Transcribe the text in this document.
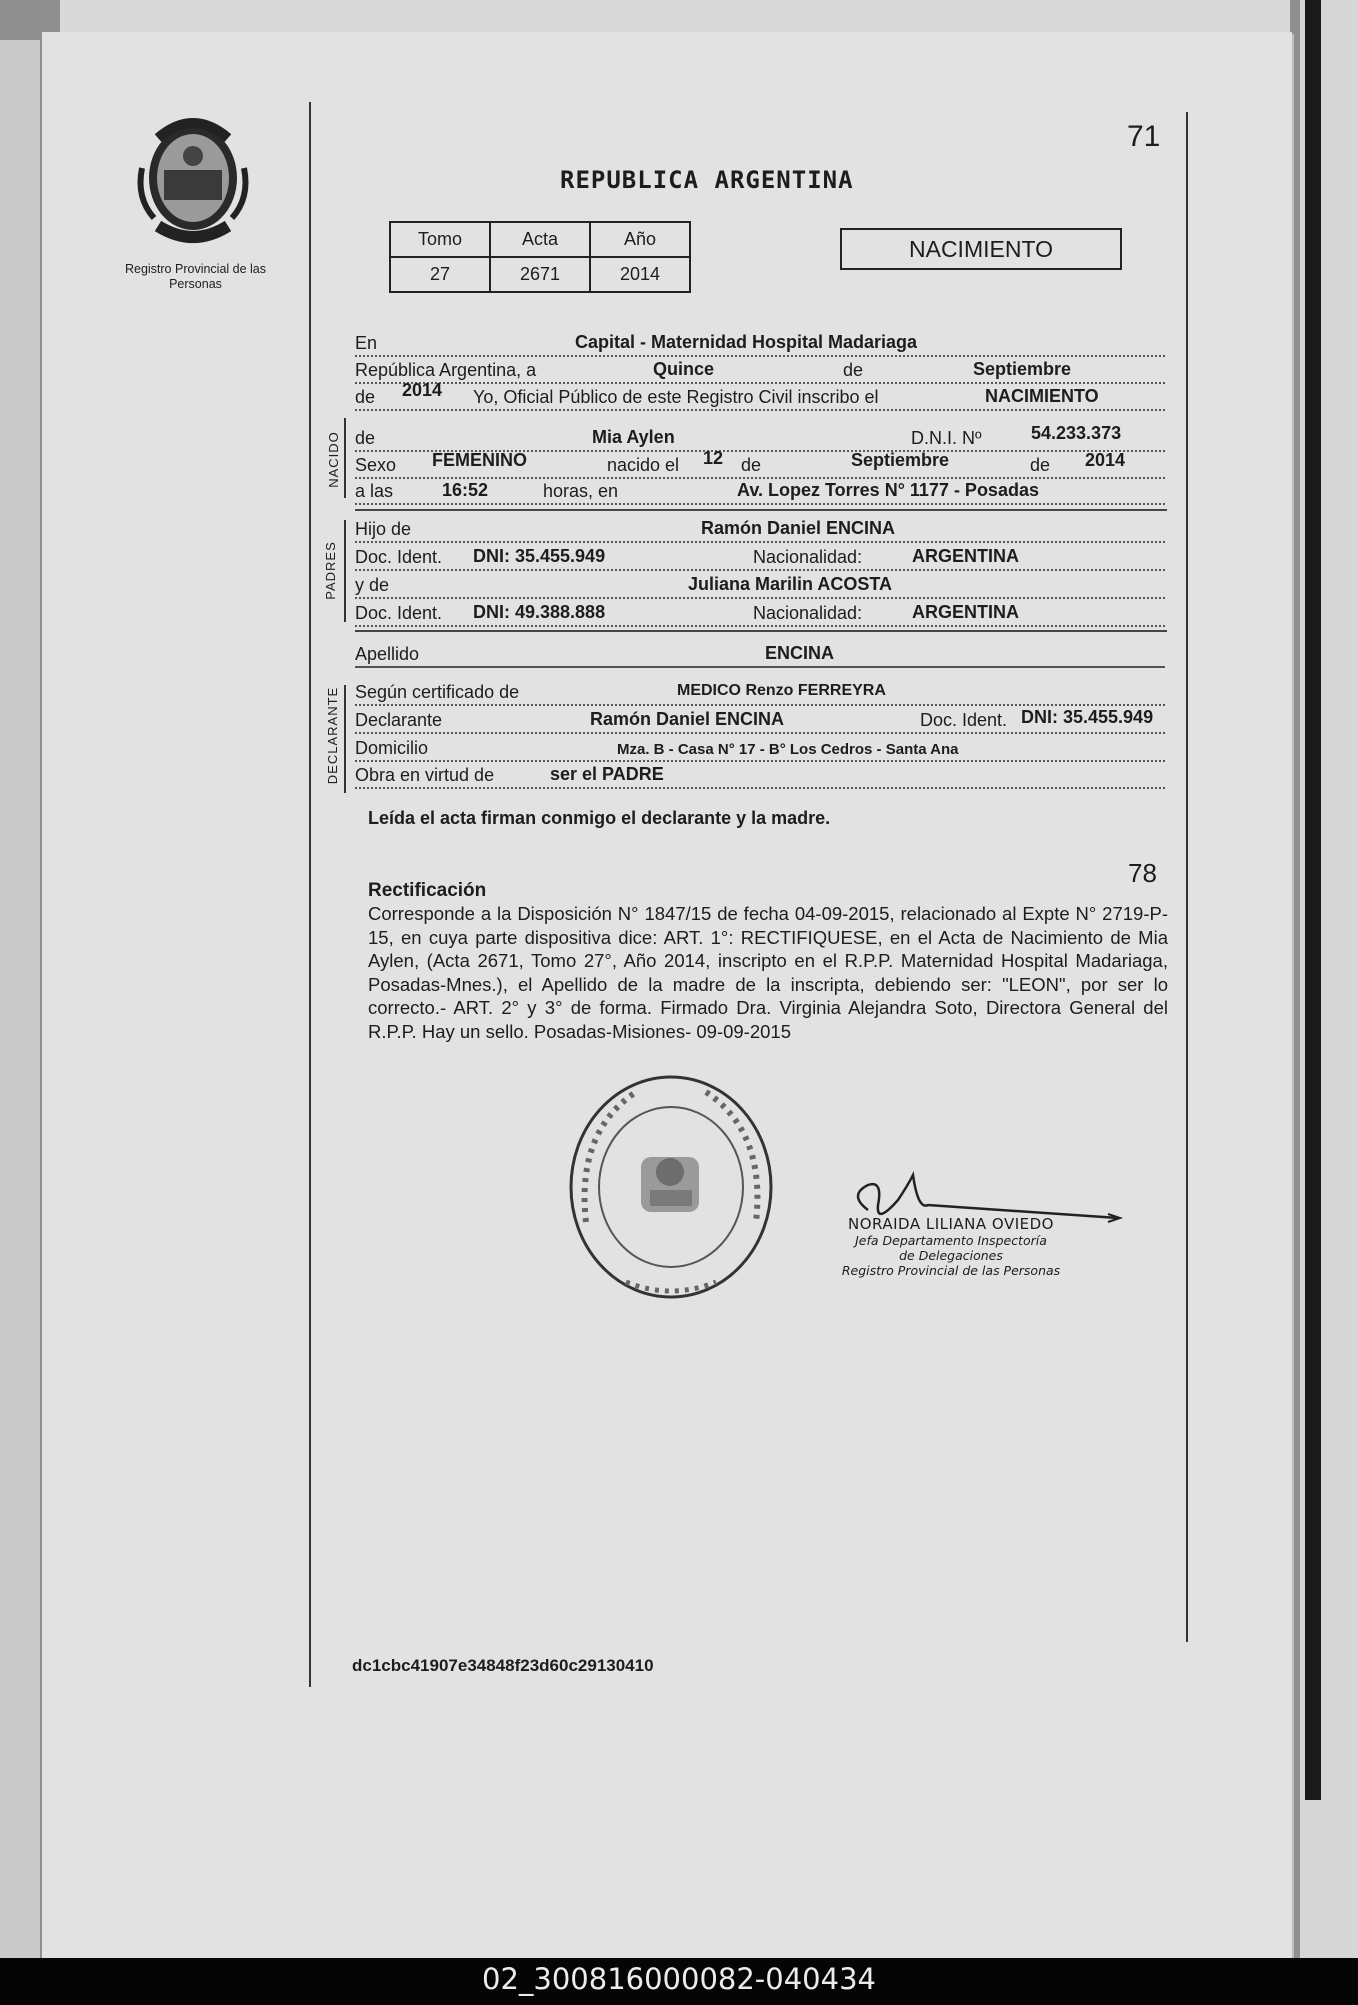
71
Registro Provincial de las Personas
REPUBLICA ARGENTINA
Tomo	Acta	Año
27	2671	2014
NACIMIENTO
En	Capital - Maternidad Hospital Madariaga
República Argentina, a	Quince	de	Septiembre
de 2014 Yo, Oficial Público de este Registro Civil inscribo el	NACIMIENTO
NACIDO de	Mia Aylen	D.N.I. Nº	54.233.373
Sexo FEMENINO	nacido el 12 de	Septiembre	de 2014
a las	16:52	horas, en	Av. Lopez Torres N° 1177 - Posadas
PADRES
Hijo de	Ramón Daniel ENCINA
Doc. Ident. DNI: 35.455.949	Nacionalidad:	ARGENTINA
y de	Juliana Marilin ACOSTA
Doc. Ident. DNI: 49.388.888	Nacionalidad:	ARGENTINA
Apellido	ENCINA
DECLARANTE Según certificado de	MEDICO Renzo FERREYRA
Declarante	Ramón Daniel ENCINA	Doc. Ident. DNI: 35.455.949
Domicilio	Mza. B - Casa N° 17 - B° Los Cedros - Santa Ana
Obra en virtud de	ser el PADRE
Leída el acta firman conmigo el declarante y la madre.
78
Rectificación
Corresponde a la Disposición N° 1847/15 de fecha 04-09-2015, relacionado al Expte N° 2719-P-15, en cuya parte dispositiva dice: ART. 1°: RECTIFIQUESE, en el Acta de Nacimiento de Mia Aylen, (Acta 2671, Tomo 27°, Año 2014, inscripto en el R.P.P. Maternidad Hospital Madariaga, Posadas-Mnes.), el Apellido de la madre de la inscripta, debiendo ser: "LEON", por ser lo correcto.- ART. 2° y 3° de forma. Firmado Dra. Virginia Alejandra Soto, Directora General del R.P.P. Hay un sello. Posadas-Misiones- 09-09-2015
NORAIDA LILIANA OVIEDO
Jefa Departamento Inspectoría
de Delegaciones
Registro Provincial de las Personas
dc1cbc41907e34848f23d60c29130410
02_300816000082-040434
